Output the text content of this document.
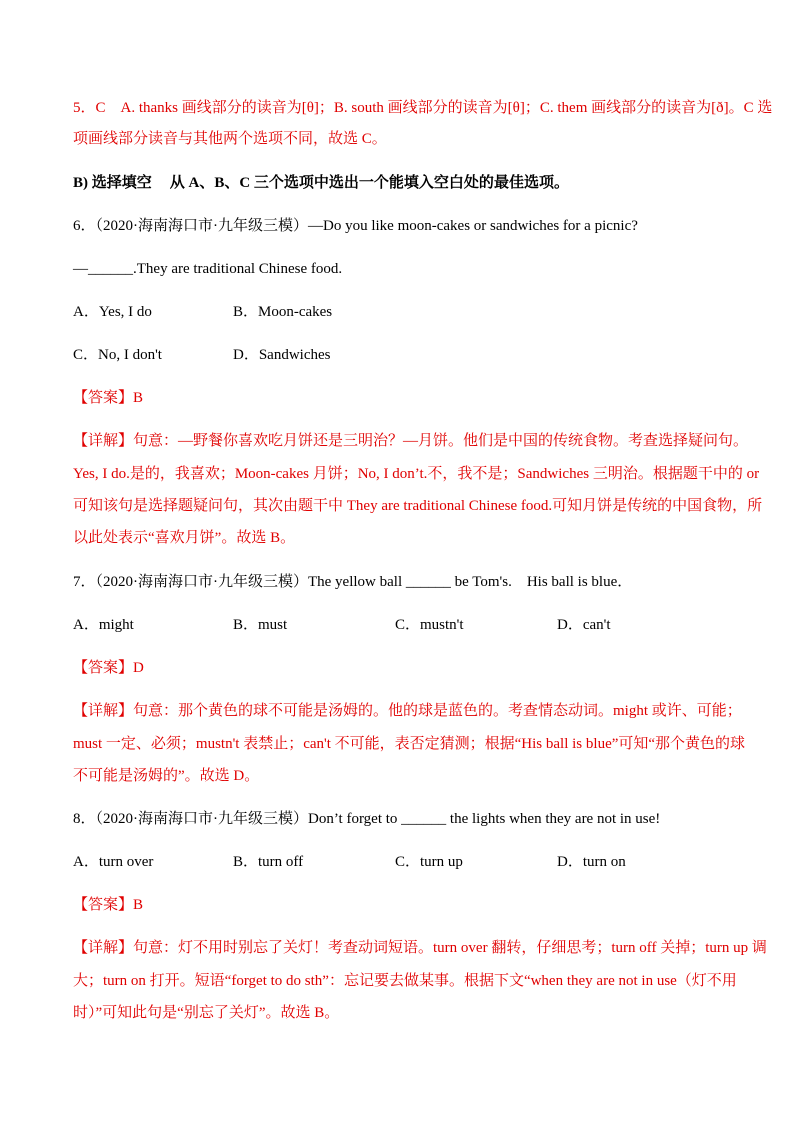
5．C　A. thanks 画线部分的读音为[θ]；B. south 画线部分的读音为[θ]；C. them 画线部分的读音为[ð]。C 选
项画线部分读音与其他两个选项不同，故选 C。
B) 选择填空 从 A、B、C 三个选项中选出一个能填入空白处的最佳选项。
6．（2020·海南海口市·九年级三模）—Do you like moon-cakes or sandwiches for a picnic?
—______.They are traditional Chinese food.
A．Yes, I do	B．Moon-cakes
C．No, I don't	D．Sandwiches
【答案】B
【详解】句意：—野餐你喜欢吃月饼还是三明治？—月饼。他们是中国的传统食物。考查选择疑问句。
Yes, I do.是的，我喜欢；Moon-cakes 月饼；No, I don’t.不，我不是；Sandwiches 三明治。根据题干中的 or
可知该句是选择题疑问句，其次由题干中 They are traditional Chinese food.可知月饼是传统的中国食物，所
以此处表示“喜欢月饼”。故选 B。
7．（2020·海南海口市·九年级三模）The yellow ball ______ be Tom's.　His ball is blue．
A．might	B．must	C．mustn't	D．can't
【答案】D
【详解】句意：那个黄色的球不可能是汤姆的。他的球是蓝色的。考查情态动词。might 或许、可能；
must 一定、必须；mustn't 表禁止；can't 不可能，表否定猜测；根据“His ball is blue”可知“那个黄色的球
不可能是汤姆的”。故选 D。
8．（2020·海南海口市·九年级三模）Don’t forget to ______ the lights when they are not in use!
A．turn over	B．turn off	C．turn up	D．turn on
【答案】B
【详解】句意：灯不用时别忘了关灯！考查动词短语。turn over 翻转，仔细思考；turn off 关掉；turn up 调
大；turn on 打开。短语“forget to do sth”：忘记要去做某事。根据下文“when they are not in use（灯不用
时）”可知此句是“别忘了关灯”。故选 B。
